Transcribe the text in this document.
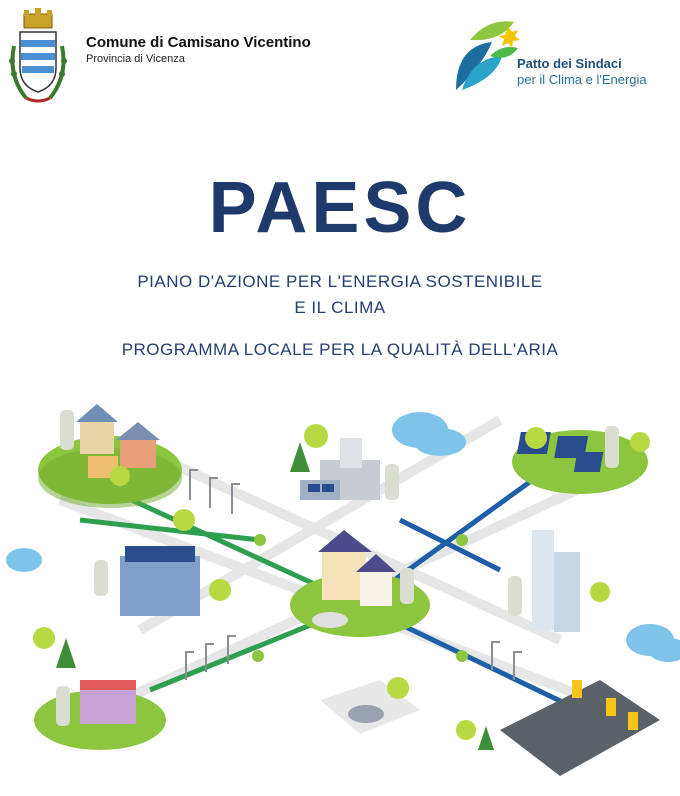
Comune di Camisano Vicentino
Provincia di Vicenza	Patto dei Sindaci
per il Clima e l'Energia
PAESC
PIANO D'AZIONE PER L'ENERGIA SOSTENIBILE
E IL CLIMA
PROGRAMMA LOCALE PER LA QUALITÀ DELL'ARIA
